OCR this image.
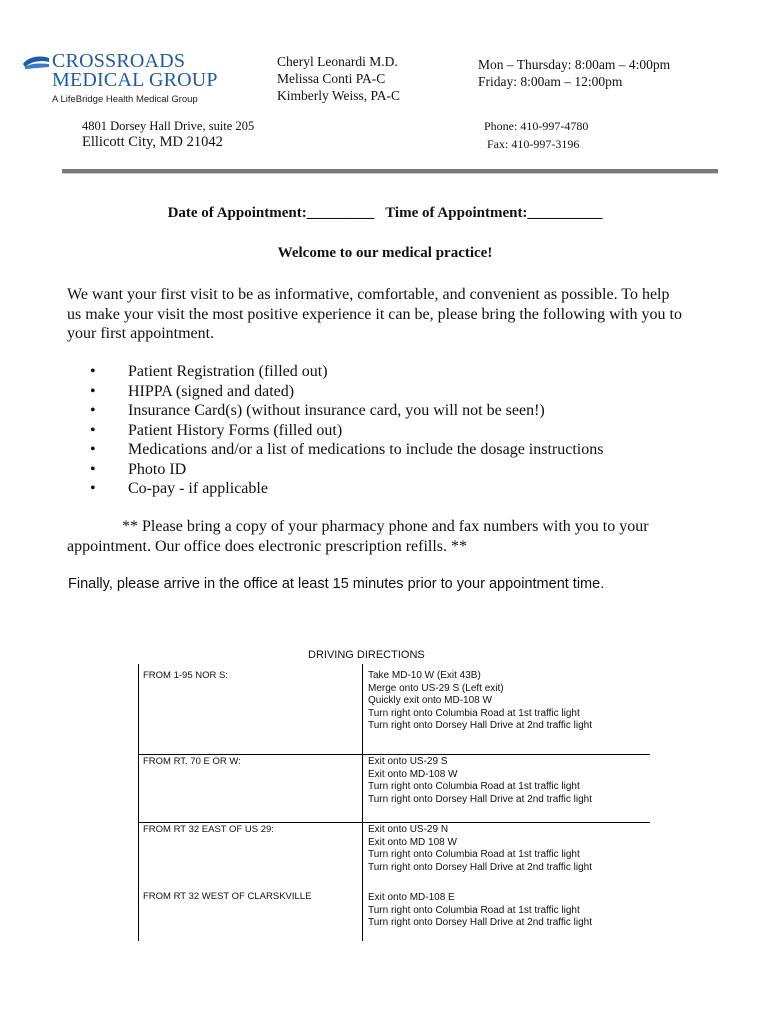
CROSSROADS
MEDICAL GROUP
A LifeBridge Health Medical Group
Cheryl Leonardi M.D.
Melissa Conti PA-C
Kimberly Weiss, PA-C
Mon – Thursday: 8:00am – 4:00pm
Friday: 8:00am – 12:00pm
4801 Dorsey Hall Drive, suite 205
Ellicott City, MD 21042
Phone: 410-997-4780
Fax: 410-997-3196
Date of Appointment:_________   Time of Appointment:__________
Welcome to our medical practice!
We want your first visit to be as informative, comfortable, and convenient as possible. To help us make your visit the most positive experience it can be, please bring the following with you to your first appointment.
• Patient Registration (filled out)
• HIPPA (signed and dated)
• Insurance Card(s) (without insurance card, you will not be seen!)
• Patient History Forms (filled out)
• Medications and/or a list of medications to include the dosage instructions
• Photo ID
• Co-pay - if applicable
** Please bring a copy of your pharmacy phone and fax numbers with you to your appointment. Our office does electronic prescription refills. **
Finally, please arrive in the office at least 15 minutes prior to your appointment time.
DRIVING DIRECTIONS
FROM 1-95 NOR S:	Take MD-10 W (Exit 43B)
Merge onto US-29 S (Left exit)
Quickly exit onto MD-108 W
Turn right onto Columbia Road at 1st traffic light
Turn right onto Dorsey Hall Drive at 2nd traffic light
FROM RT. 70 E OR W:	Exit onto US-29 S
Exit onto MD-108 W
Turn right onto Columbia Road at 1st traffic light
Turn right onto Dorsey Hall Drive at 2nd traffic light
FROM RT 32 EAST OF US 29:	Exit onto US-29 N
Exit onto MD 108 W
Turn right onto Columbia Road at 1st traffic light
Turn right onto Dorsey Hall Drive at 2nd traffic light
FROM RT 32 WEST OF CLARSKVILLE	Exit onto MD-108 E
Turn right onto Columbia Road at 1st traffic light
Turn right onto Dorsey Hall Drive at 2nd traffic light
